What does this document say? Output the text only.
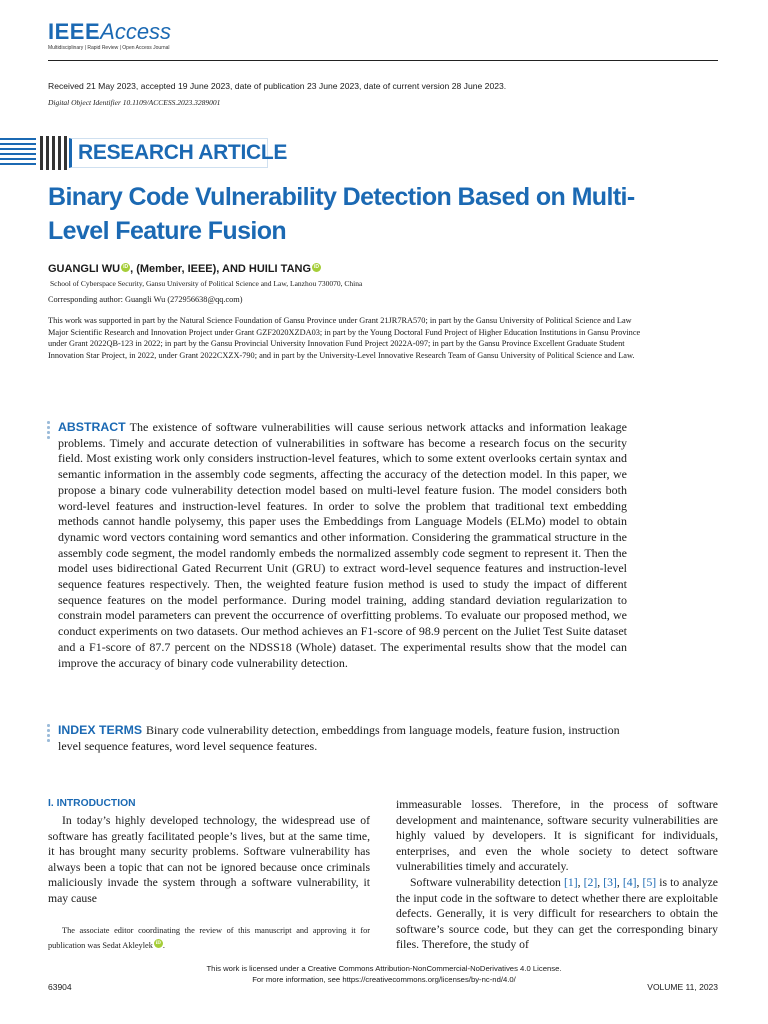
IEEEAccess
Multidisciplinary | Rapid Review | Open Access Journal
Received 21 May 2023, accepted 19 June 2023, date of publication 23 June 2023, date of current version 28 June 2023.
Digital Object Identifier 10.1109/ACCESS.2023.3289001
RESEARCH ARTICLE
Binary Code Vulnerability Detection Based on Multi-Level Feature Fusion
GUANGLI WU iD , (Member, IEEE), AND HUILI TANG iD
School of Cyberspace Security, Gansu University of Political Science and Law, Lanzhou 730070, China
Corresponding author: Guangli Wu (272956638@qq.com)
This work was supported in part by the Natural Science Foundation of Gansu Province under Grant 21JR7RA570; in part by the Gansu University of Political Science and Law Major Scientific Research and Innovation Project under Grant GZF2020XZDA03; in part by the Young Doctoral Fund Project of Higher Education Institutions in Gansu Province under Grant 2022QB-123 in 2022; in part by the Gansu Provincial University Innovation Fund Project 2022A-097; in part by the Gansu Province Excellent Graduate Student Innovation Star Project, in 2022, under Grant 2022CXZX-790; and in part by the University-Level Innovative Research Team of Gansu University of Political Science and Law.
ABSTRACT The existence of software vulnerabilities will cause serious network attacks and information leakage problems. Timely and accurate detection of vulnerabilities in software has become a research focus on the security field. Most existing work only considers instruction-level features, which to some extent overlooks certain syntax and semantic information in the assembly code segments, affecting the accuracy of the detection model. In this paper, we propose a binary code vulnerability detection model based on multi-level feature fusion. The model considers both word-level features and instruction-level features. In order to solve the problem that traditional text embedding methods cannot handle polysemy, this paper uses the Embeddings from Language Models (ELMo) model to obtain dynamic word vectors containing word semantics and other information. Considering the grammatical structure in the assembly code segment, the model randomly embeds the normalized assembly code segment to represent it. Then the model uses bidirectional Gated Recurrent Unit (GRU) to extract word-level sequence features and instruction-level sequence features respectively. Then, the weighted feature fusion method is used to study the impact of different sequence features on the model performance. During model training, adding standard deviation regularization to constrain model parameters can prevent the occurrence of overfitting problems. To evaluate our proposed method, we conduct experiments on two datasets. Our method achieves an F1-score of 98.9 percent on the Juliet Test Suite dataset and a F1-score of 87.7 percent on the NDSS18 (Whole) dataset. The experimental results show that the model can improve the accuracy of binary code vulnerability detection.
INDEX TERMS Binary code vulnerability detection, embeddings from language models, feature fusion, instruction level sequence features, word level sequence features.
I. INTRODUCTION
In today’s highly developed technology, the widespread use of software has greatly facilitated people’s lives, but at the same time, it has brought many security problems. Software vulnerability has always been a topic that can not be ignored because once criminals maliciously invade the system through a software vulnerability, it may cause
immeasurable losses. Therefore, in the process of software development and maintenance, software security vulnerabilities are highly valued by developers. It is significant for individuals, enterprises, and even the whole society to detect software vulnerabilities timely and accurately.
Software vulnerability detection [1], [2], [3], [4], [5] is to analyze the input code in the software to detect whether there are exploitable defects. Generally, it is very difficult for researchers to obtain the software’s source code, but they can get the corresponding binary files. Therefore, the study of
The associate editor coordinating the review of this manuscript and approving it for publication was Sedat Akleylek iD .
This work is licensed under a Creative Commons Attribution-NonCommercial-NoDerivatives 4.0 License.
For more information, see https://creativecommons.org/licenses/by-nc-nd/4.0/
63904	VOLUME 11, 2023
